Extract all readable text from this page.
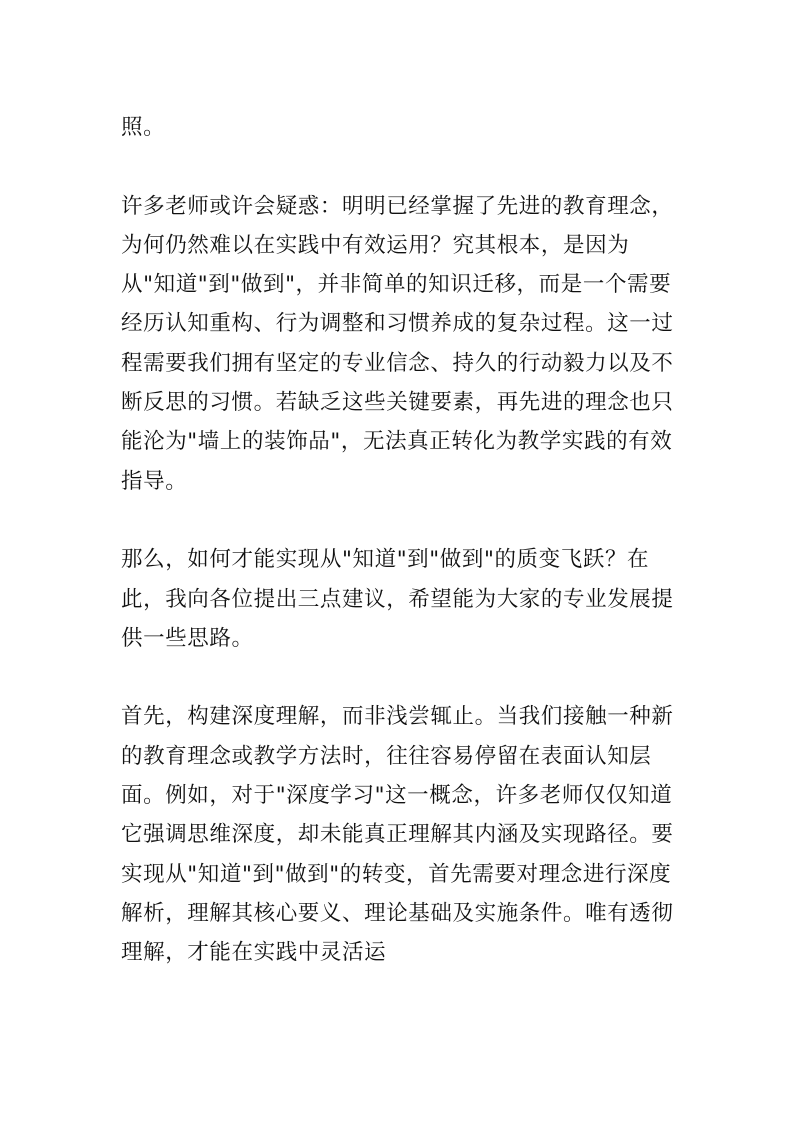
照。

许多老师或许会疑惑：明明已经掌握了先进的教育理念，为何仍然难以在实践中有效运用？究其根本，是因为从"知道"到"做到"，并非简单的知识迁移，而是一个需要经历认知重构、行为调整和习惯养成的复杂过程。这一过程需要我们拥有坚定的专业信念、持久的行动毅力以及不断反思的习惯。若缺乏这些关键要素，再先进的理念也只能沦为"墙上的装饰品"，无法真正转化为教学实践的有效指导。

那么，如何才能实现从"知道"到"做到"的质变飞跃？在此，我向各位提出三点建议，希望能为大家的专业发展提供一些思路。

首先，构建深度理解，而非浅尝辄止。当我们接触一种新的教育理念或教学方法时，往往容易停留在表面认知层面。例如，对于"深度学习"这一概念，许多老师仅仅知道它强调思维深度，却未能真正理解其内涵及实现路径。要实现从"知道"到"做到"的转变，首先需要对理念进行深度解析，理解其核心要义、理论基础及实施条件。唯有透彻理解，才能在实践中灵活运
